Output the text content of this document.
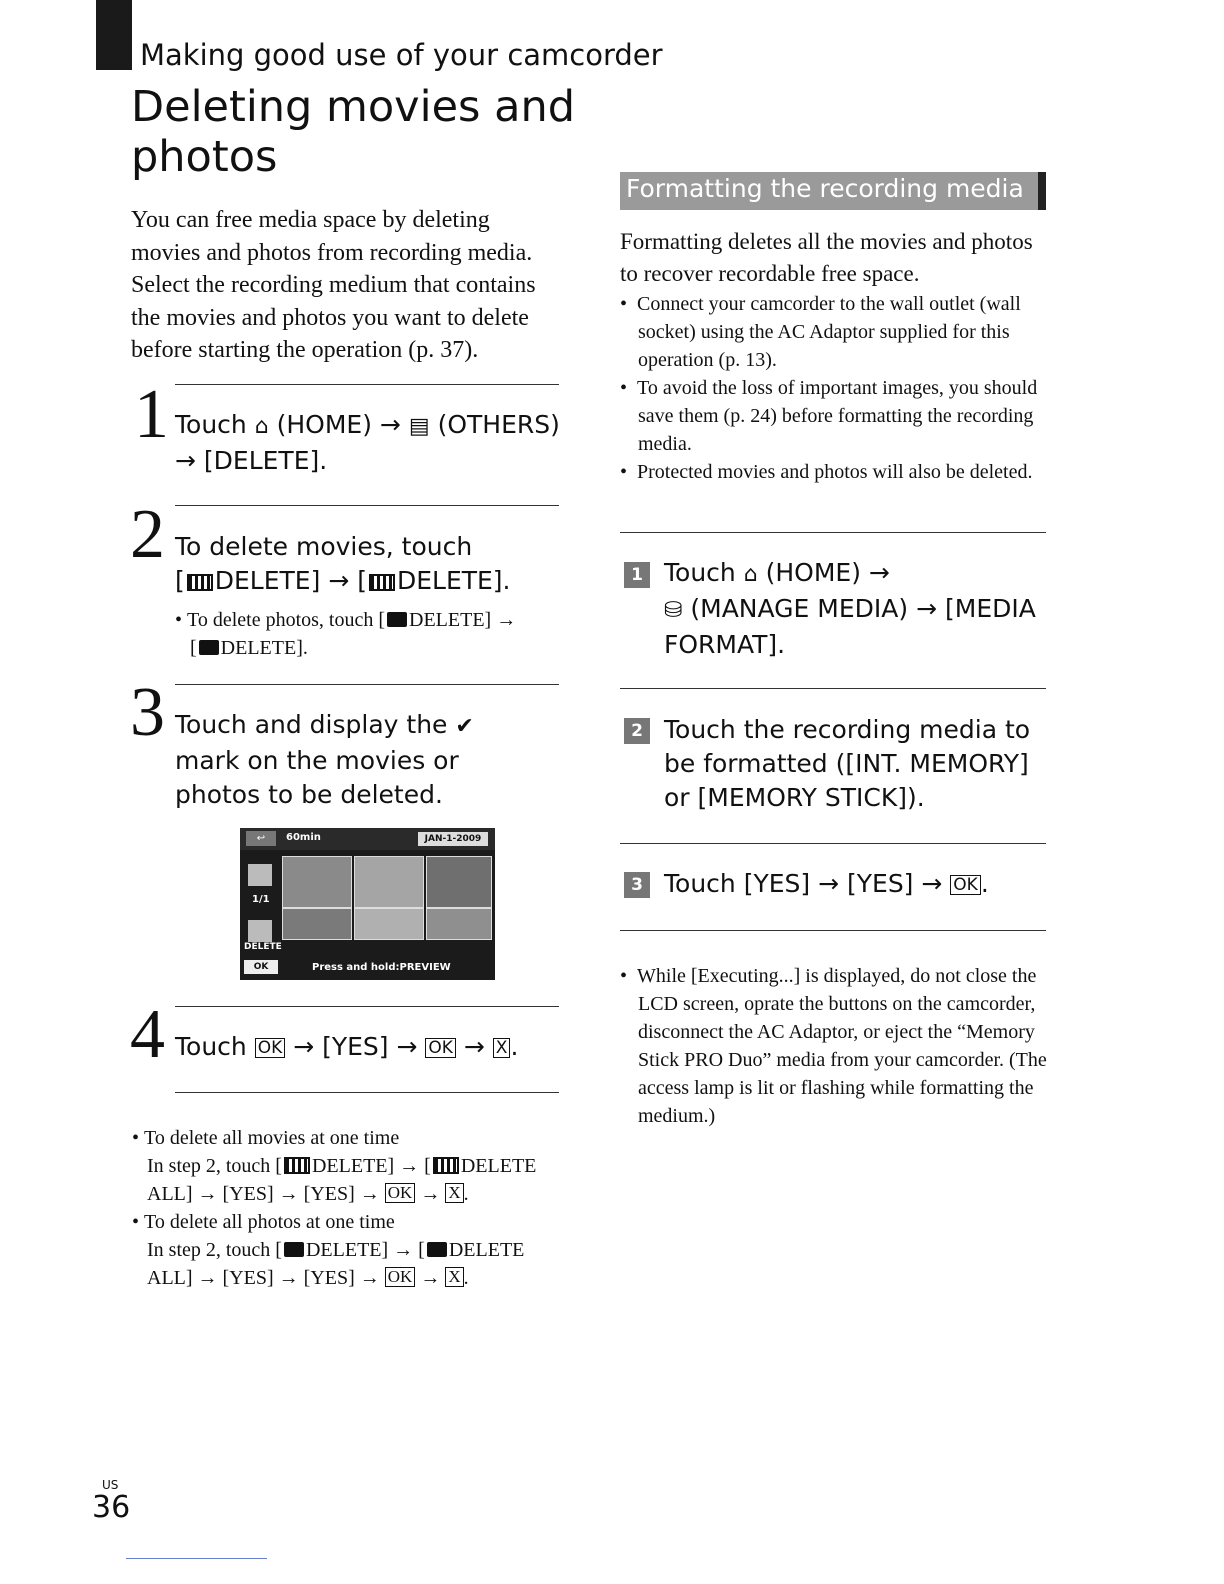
Making good use of your camcorder
Deleting movies and photos
You can free media space by deleting movies and photos from recording media. Select the recording medium that contains the movies and photos you want to delete before starting the operation (p. 37).
1 Touch ⌂ (HOME) → ▤ (OTHERS)
→ [DELETE].
2 To delete movies, touch
[ DELETE] → [ DELETE].
• To delete photos, touch [ DELETE] →
[ DELETE].
3 Touch and display the ✔ mark on the movies or photos to be deleted.
↩	60min	JAN-1-2009
1/1
DELETE
OK	Press and hold:PREVIEW
4 Touch OK → [YES] → OK → X .
• To delete all movies at one time
In step 2, touch [ DELETE] → [ DELETE
ALL] → [YES] → [YES] → OK → X .
• To delete all photos at one time
In step 2, touch [ DELETE] → [ DELETE
ALL] → [YES] → [YES] → OK → X .
Formatting the recording media
Formatting deletes all the movies and photos to recover recordable free space.
•  Connect your camcorder to the wall outlet (wall socket) using the AC Adaptor supplied for this operation (p. 13).
•  To avoid the loss of important images, you should save them (p. 24) before formatting the recording media.
•  Protected movies and photos will also be deleted.
1 Touch ⌂ (HOME) →
⛁ (MANAGE MEDIA) → [MEDIA FORMAT].
2 Touch the recording media to be formatted ([INT. MEMORY] or [MEMORY STICK]).
3 Touch [YES] → [YES] → OK .
•  While [Executing...] is displayed, do not close the LCD screen, oprate the buttons on the camcorder, disconnect the AC Adaptor, or eject the “Memory Stick PRO Duo” media from your camcorder. (The access lamp is lit or flashing while formatting the medium.)
US
36
